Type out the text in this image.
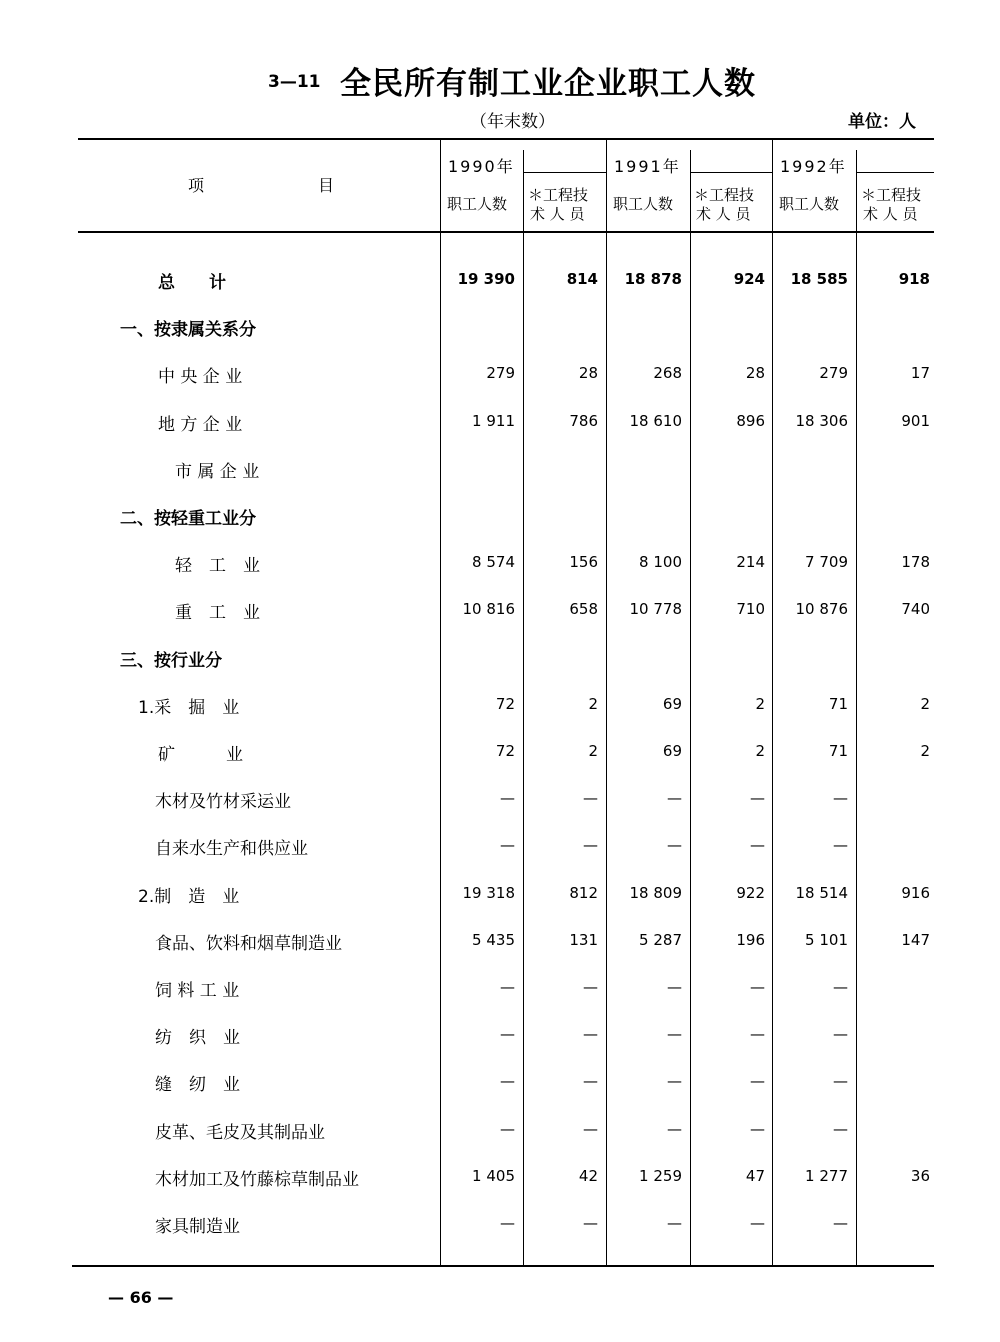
3—11 全民所有制工业企业职工人数
（年末数）	单位：人
项	目
1990年	1991年	1992年
职工人数 ＊工程技
术 人 员
职工人数 ＊工程技
术 人 员
职工人数 ＊工程技
术 人 员
总　　计	19 390	814	18 878	924	18 585	918
一、按隶属关系分
中 央 企 业	279	28	268	28	279	17
地 方 企 业	1 911	786	18 610	896	18 306	901
市 属 企 业
二、按轻重工业分
轻　工　业	8 574	156	8 100	214	7 709	178
重　工　业	10 816	658	10 778	710	10 876	740
三、按行业分
1.采　掘　业	72	2	69	2	71	2
矿　　　业	72	2	69	2	71	2
木材及竹材采运业	—	—	—	—	—
自来水生产和供应业	—	—	—	—	—
2.制　造　业	19 318	812	18 809	922	18 514	916
食品、饮料和烟草制造业	5 435	131	5 287	196	5 101	147
饲 料 工 业	—	—	—	—	—
纺　织　业	—	—	—	—	—
缝　纫　业	—	—	—	—	—
皮革、毛皮及其制品业	—	—	—	—	—
木材加工及竹藤棕草制品业	1 405	42	1 259	47	1 277	36
家具制造业	—	—	—	—	—
— 66 —
